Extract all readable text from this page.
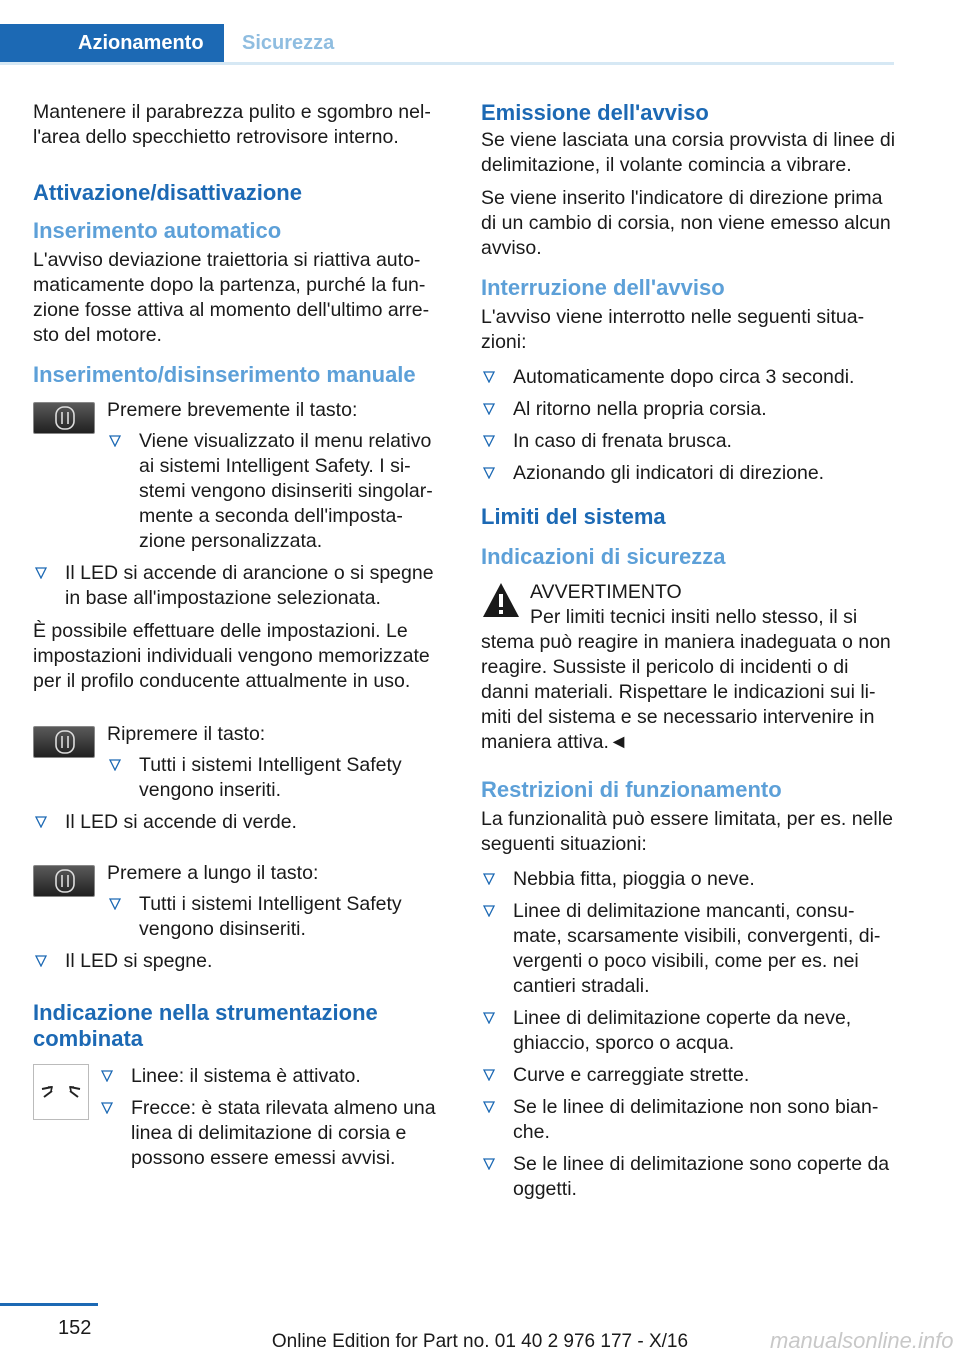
Azionamento	Sicurezza

Mantenere il parabrezza pulito e sgombro nell'area dello specchietto retrovisore interno.

Attivazione/disattivazione
Inserimento automatico

L'avviso deviazione traiettoria si riattiva automaticamente dopo la partenza, purché la funzione fosse attiva al momento dell'ultimo arresto del motore.

Inserimento/disinserimento manuale

Premere brevemente il tasto:

Viene visualizzato il menu relativo ai sistemi Intelligent Safety. I sistemi vengono disinseriti singolarmente a seconda dell'impostazione personalizzata.
Il LED si accende di arancione o si spegne in base all'impostazione selezionata.

È possibile effettuare delle impostazioni. Le impostazioni individuali vengono memorizzate per il profilo conducente attualmente in uso.

Ripremere il tasto:

Tutti i sistemi Intelligent Safety vengono inseriti.
Il LED si accende di verde.

Premere a lungo il tasto:

Tutti i sistemi Intelligent Safety vengono disinseriti.
Il LED si spegne.
Indicazione nella strumentazione combinata
Linee: il sistema è attivato.
Frecce: è stata rilevata almeno una linea di delimitazione di corsia e possono essere emessi avvisi.
Emissione dell'avviso

Se viene lasciata una corsia provvista di linee di delimitazione, il volante comincia a vibrare.

Se viene inserito l'indicatore di direzione prima di un cambio di corsia, non viene emesso alcun avviso.

Interruzione dell'avviso

L'avviso viene interrotto nelle seguenti situazioni:

Automaticamente dopo circa 3 secondi.
Al ritorno nella propria corsia.
In caso di frenata brusca.
Azionando gli indicatori di direzione.
Limiti del sistema
Indicazioni di sicurezza
AVVERTIMENTO
Per limiti tecnici insiti nello stesso, il si
stema può reagire in maniera inadeguata o non reagire. Sussiste il pericolo di incidenti o di danni materiali. Rispettare le indicazioni sui limiti del sistema e se necessario intervenire in maniera attiva.◄
Restrizioni di funzionamento

La funzionalità può essere limitata, per es. nelle seguenti situazioni:

Nebbia fitta, pioggia o neve.
Linee di delimitazione mancanti, consumate, scarsamente visibili, convergenti, divergenti o poco visibili, come per es. nei cantieri stradali.
Linee di delimitazione coperte da neve, ghiaccio, sporco o acqua.
Curve e carreggiate strette.
Se le linee di delimitazione non sono bianche.
Se le linee di delimitazione sono coperte da oggetti.
152
Online Edition for Part no. 01 40 2 976 177 - X/16	manualsonline.info
